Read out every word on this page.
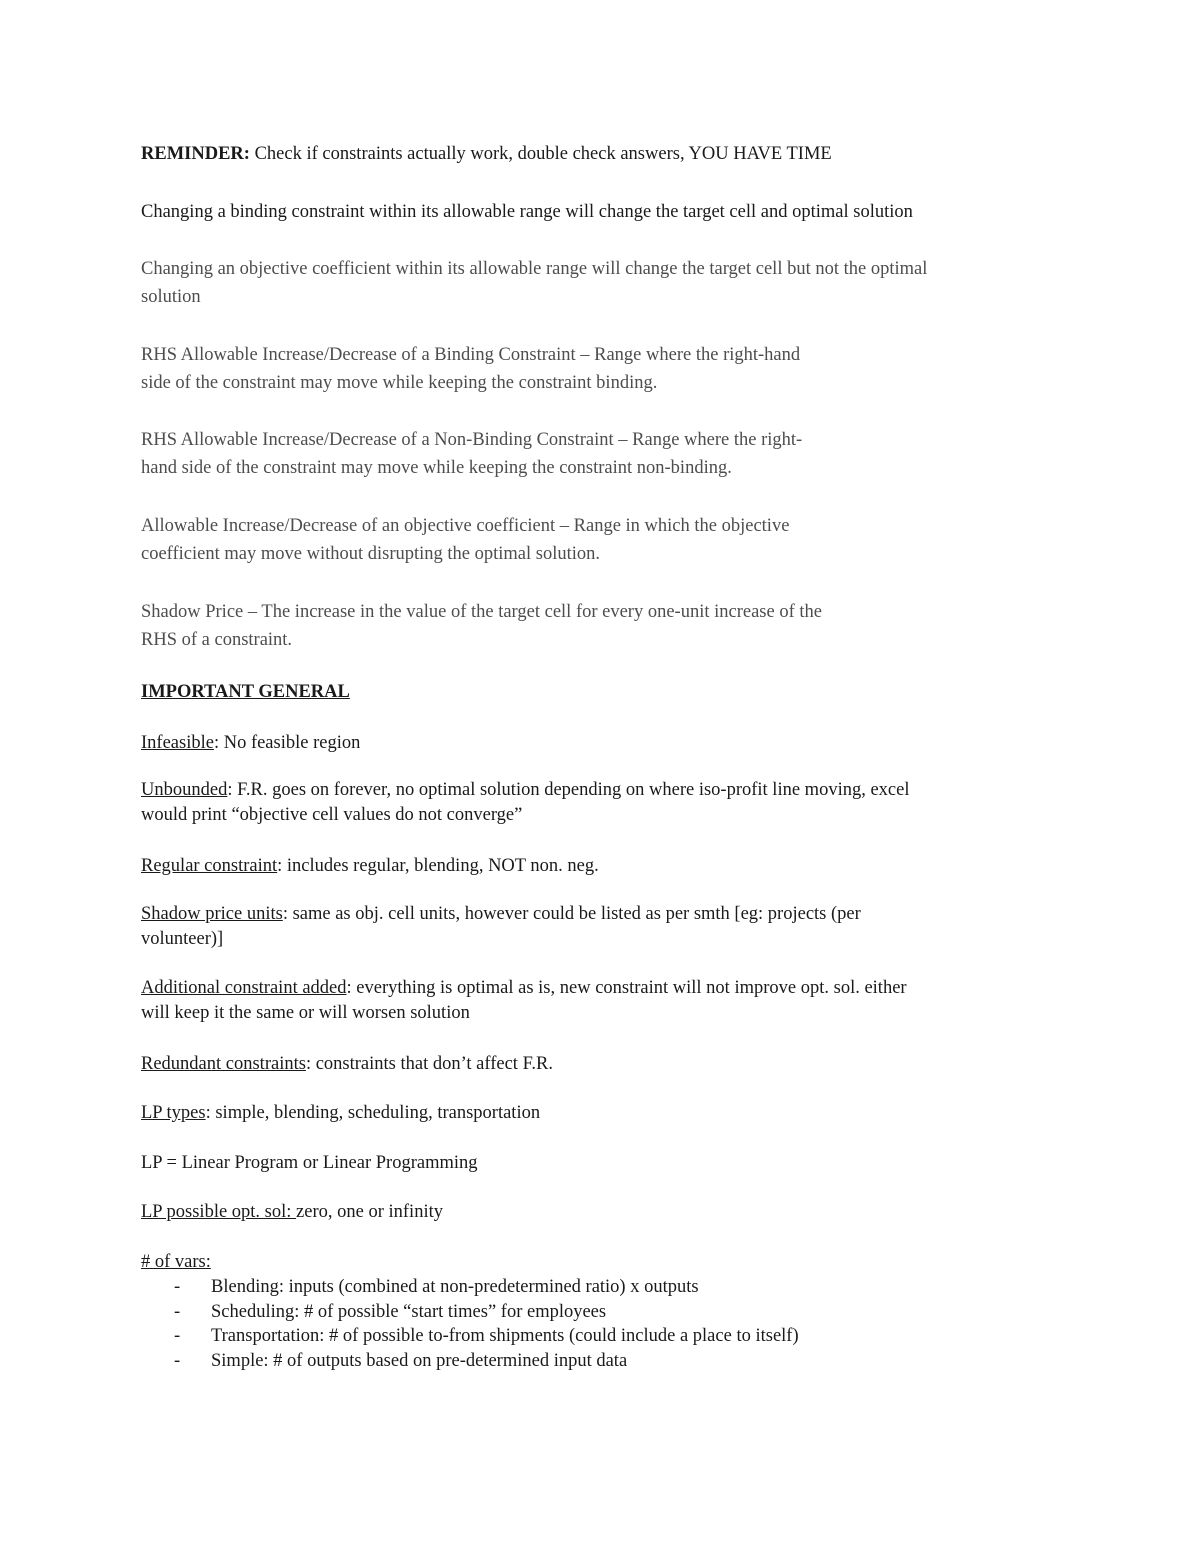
REMINDER: Check if constraints actually work, double check answers, YOU HAVE TIME
Changing a binding constraint within its allowable range will change the target cell and optimal solution
Changing an objective coefficient within its allowable range will change the target cell but not the optimal
solution
RHS Allowable Increase/Decrease of a Binding Constraint – Range where the right-hand
side of the constraint may move while keeping the constraint binding.
RHS Allowable Increase/Decrease of a Non-Binding Constraint – Range where the right-
hand side of the constraint may move while keeping the constraint non-binding.
Allowable Increase/Decrease of an objective coefficient – Range in which the objective
coefficient may move without disrupting the optimal solution.
Shadow Price – The increase in the value of the target cell for every one-unit increase of the
RHS of a constraint.
IMPORTANT GENERAL
Infeasible: No feasible region
Unbounded: F.R. goes on forever, no optimal solution depending on where iso-profit line moving, excel
would print “objective cell values do not converge”
Regular constraint: includes regular, blending, NOT non. neg.
Shadow price units: same as obj. cell units, however could be listed as per smth [eg: projects (per
volunteer)]
Additional constraint added: everything is optimal as is, new constraint will not improve opt. sol. either
will keep it the same or will worsen solution
Redundant constraints: constraints that don’t affect F.R.
LP types: simple, blending, scheduling, transportation
LP = Linear Program or Linear Programming
LP possible opt. sol: zero, one or infinity
# of vars:
- Blending: inputs (combined at non-predetermined ratio) x outputs
- Scheduling: # of possible “start times” for employees
- Transportation: # of possible to-from shipments (could include a place to itself)
- Simple: # of outputs based on pre-determined input data
